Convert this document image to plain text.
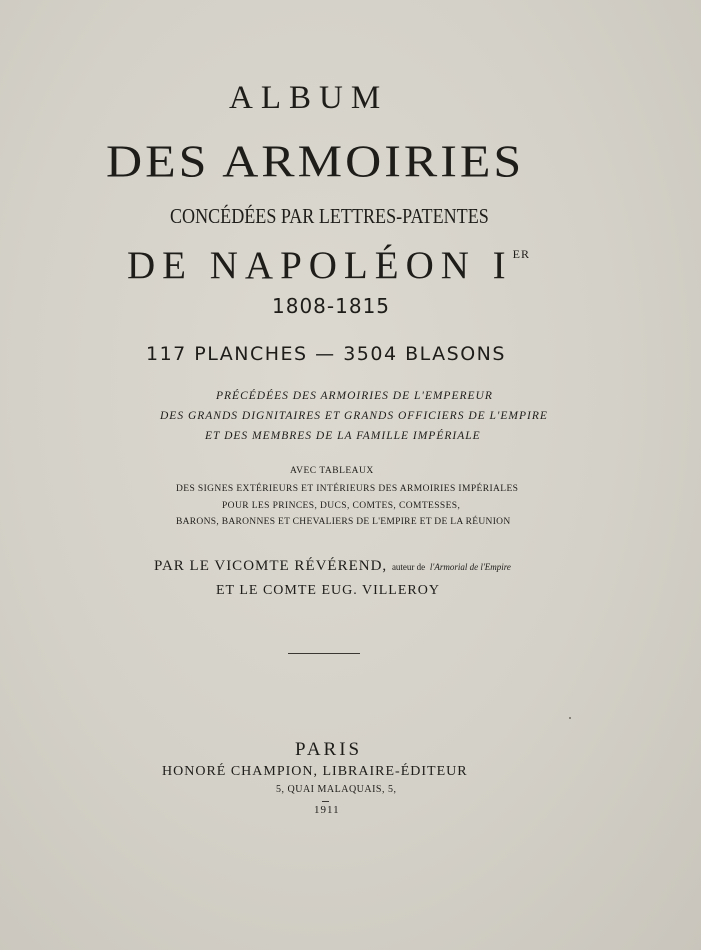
ALBUM
DES ARMOIRIES
CONCÉDÉES PAR LETTRES-PATENTES
DE NAPOLÉON IER
1808-1815
117 PLANCHES — 3504 BLASONS
PRÉCÉDÉES DES ARMOIRIES DE L'EMPEREUR
DES GRANDS DIGNITAIRES ET GRANDS OFFICIERS DE L'EMPIRE
ET DES MEMBRES DE LA FAMILLE IMPÉRIALE
AVEC TABLEAUX
DES SIGNES EXTÉRIEURS ET INTÉRIEURS DES ARMOIRIES IMPÉRIALES
POUR LES PRINCES, DUCS, COMTES, COMTESSES,
BARONS, BARONNES ET CHEVALIERS DE L'EMPIRE ET DE LA RÉUNION
PAR LE VICOMTE RÉVÉREND, auteur de l'Armorial de l'Empire
ET LE COMTE EUG. VILLEROY
PARIS
HONORÉ CHAMPION, LIBRAIRE-ÉDITEUR
5, QUAI MALAQUAIS, 5,
1911
